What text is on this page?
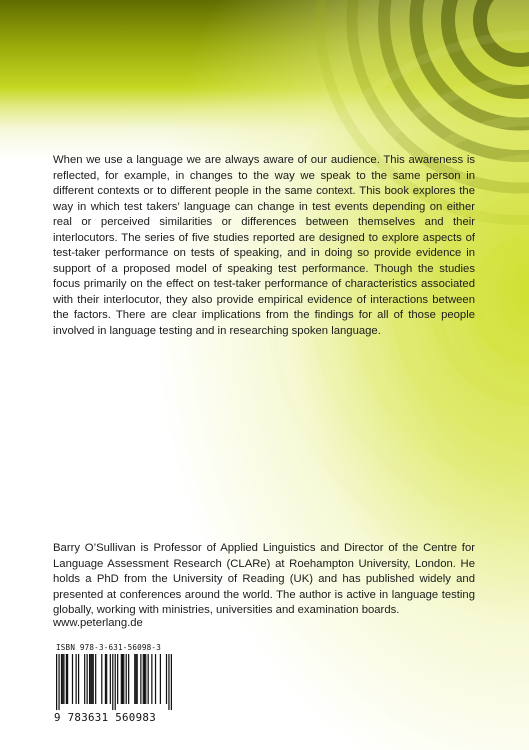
When we use a language we are always aware of our audience. This awareness is reflected, for example, in changes to the way we speak to the same person in different contexts or to different people in the same context. This book explores the way in which test takers’ language can change in test events depending on either real or perceived similarities or differences between themselves and their interlocutors. The series of five studies reported are designed to explore aspects of test-taker performance on tests of speaking, and in doing so provide evidence in support of a proposed model of speaking test performance. Though the studies focus primarily on the effect on test-taker performance of characteristics associated with their interlocutor, they also provide empirical evidence of interactions between the factors. There are clear implications from the findings for all of those people involved in language testing and in researching spoken language.

Barry O’Sullivan is Professor of Applied Linguistics and Director of the Centre for Language Assessment Research (CLARe) at Roehampton University, London. He holds a PhD from the University of Reading (UK) and has published widely and presented at conferences around the world. The author is active in language testing globally, working with ministries, universities and examination boards.

www.peterlang.de

ISBN 978-3-631-56098-3
9 783631 560983
